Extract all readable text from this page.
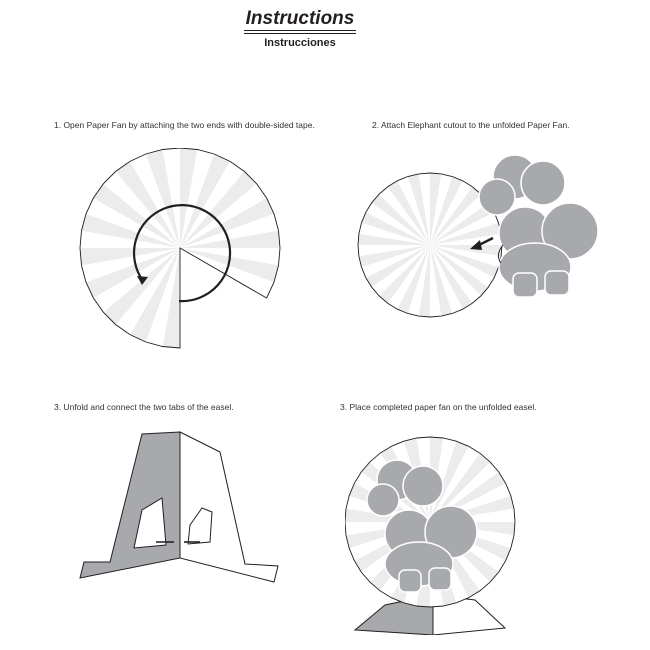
Instructions
Instrucciones
1. Open Paper Fan by attaching the two ends with double-sided tape.	2. Attach Elephant cutout to the unfolded Paper Fan.
3. Unfold and connect the two tabs of the easel.	3. Place completed paper fan on the unfolded easel.
